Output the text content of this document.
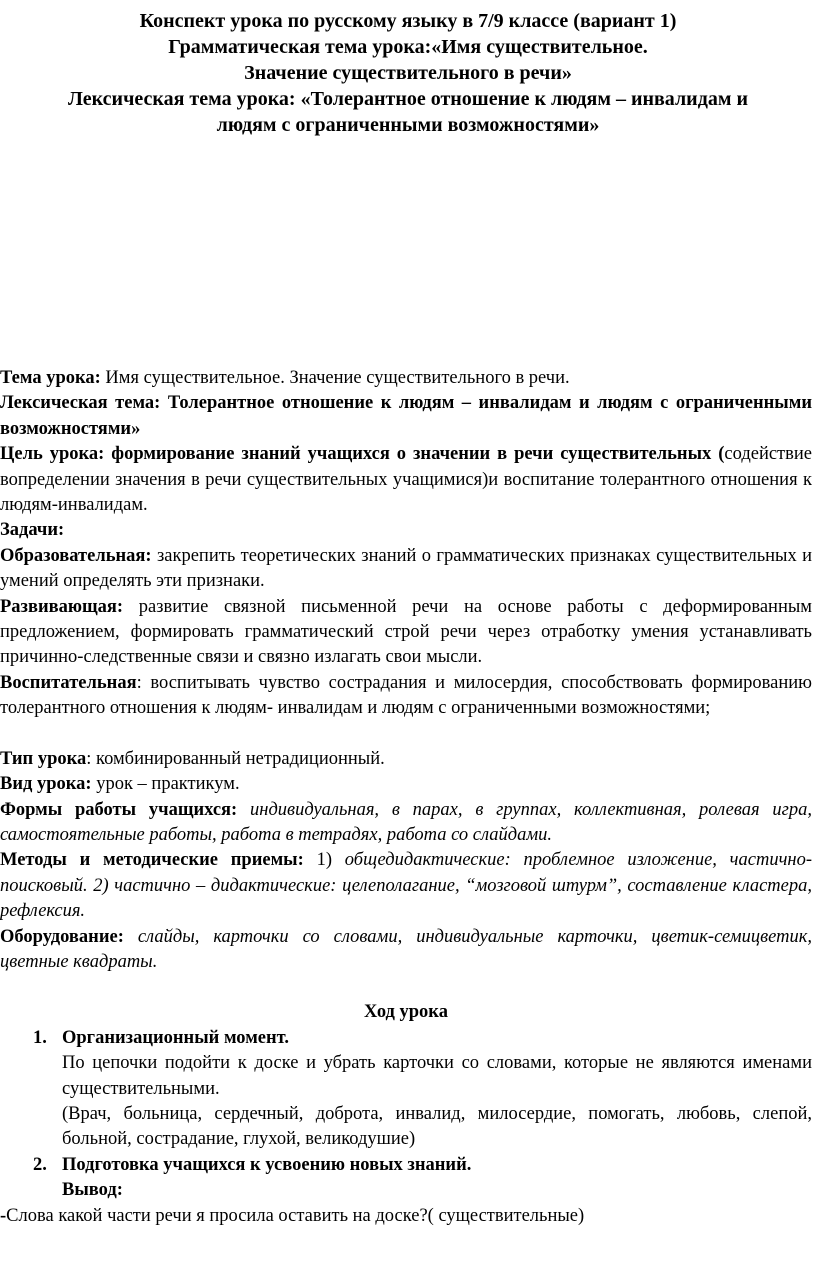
Конспект урока по русскому языку в 7/9 классе (вариант 1)

Грамматическая тема урока:«Имя существительное.

Значение существительного в речи»

Лексическая тема урока: «Толерантное отношение к людям – инвалидам и

людям с ограниченными возможностями»

Тема урока: Имя существительное. Значение существительного в речи.

Лексическая тема: Толерантное отношение к людям – инвалидам и людям с ограниченными возможностями»

Цель урока: формирование знаний учащихся о значении в речи существительных (содействие вопределении значения в речи существительных учащимися)и воспитание толерантного отношения к людям-инвалидам.

Задачи:

Образовательная: закрепить теоретических знаний о грамматических признаках существительных и умений определять эти признаки.

Развивающая: развитие связной письменной речи на основе работы с деформированным предложением, формировать грамматический строй речи через отработку умения устанавливать причинно-следственные связи и связно излагать свои мысли.

Воспитательная: воспитывать чувство сострадания и милосердия, способствовать формированию толерантного отношения к людям- инвалидам и людям с ограниченными возможностями;

Тип урока: комбинированный нетрадиционный.

Вид урока: урок – практикум.

Формы работы учащихся: индивидуальная, в парах, в группах, коллективная, ролевая игра, самостоятельные работы, работа в тетрадях, работа со слайдами.

Методы и методические приемы: 1) общедидактические: проблемное изложение, частично-поисковый. 2) частично – дидактические: целеполагание, “мозговой штурм”, составление кластера, рефлексия.

Оборудование: слайды, карточки со словами, индивидуальные карточки, цветик-семицветик, цветные квадраты.

Ход урока

1. Организационный момент.

По цепочки подойти к доске и убрать карточки со словами, которые не являются именами существительными.

(Врач, больница, сердечный, доброта, инвалид, милосердие, помогать, любовь, слепой, больной, сострадание, глухой, великодушие)

2. Подготовка учащихся к усвоению новых знаний.

Вывод:

-Слова какой части речи я просила оставить на доске?( существительные)
